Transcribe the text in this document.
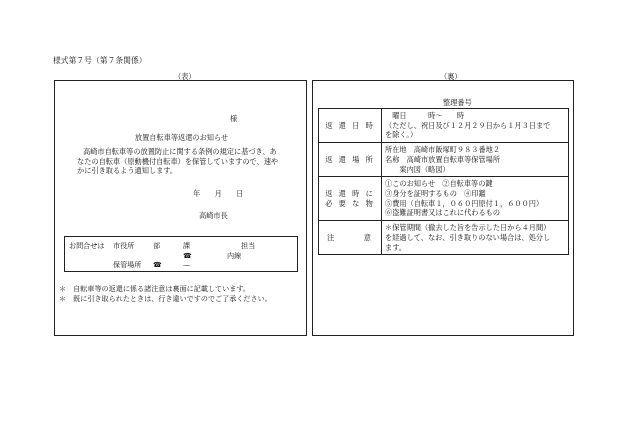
様式第７号（第７条関係）
（表）	（裏）
様
放置自転車等返還のお知らせ
高崎市自転車等の放置防止に関する条例の規定に基づき、あ
なたの自転車（原動機付自転車）を保管していますので、速や
かに引き取るよう通知します。
年　　月　　日
高崎市長
お問合せは	市役所	部	課	担当
			☎	内線
	保管場所	☎	—	
＊　自転車等の返還に係る諸注意は裏面に記載しています。
＊　既に引き取られたときは、行き違いですのでご了承ください。
整理番号
返 還 日 時	　曜日　　　時〜　　時
（ただし、祝日及び１２月２９日から１月３日まで
を除く。）

返 還 場 所	所在地　高崎市飯塚町９８３番地２
名称　高崎市放置自転車等保管場所
　　案内図（略図）

返 還 時 に 必 要 な 物	①このお知らせ　②自転車等の鍵
③身分を証明するもの　④印鑑
⑤費用（自転車１，０６０円原付１，６００円）
⑥盗難証明書又はこれに代わるもの

注　　　意	＊保管期間（撤去した旨を告示した日から４月間）
を経過して、なお、引き取りのない場合は、処分し
ます。
